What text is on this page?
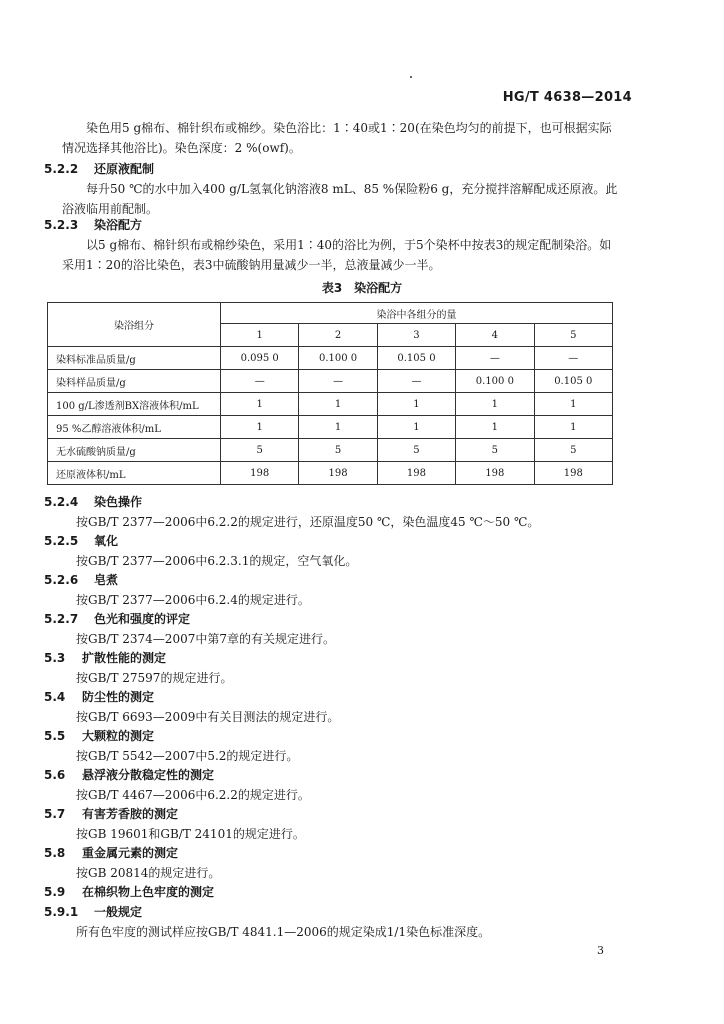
HG/T 4638—2014

染色用5 g棉布、棉针织布或棉纱。染色浴比：1∶40或1∶20(在染色均匀的前提下，也可根据实际情况选择其他浴比)。染色深度：2 %(owf)。

5.2.2 还原液配制

每升50 ℃的水中加入400 g/L氢氧化钠溶液8 mL、85 %保险粉6 g，充分搅拌溶解配成还原液。此浴液临用前配制。

5.2.3 染浴配方

以5 g棉布、棉针织布或棉纱染色，采用1∶40的浴比为例，于5个染杯中按表3的规定配制染浴。如采用1∶20的浴比染色，表3中硫酸钠用量减少一半，总液量减少一半。

表3　染浴配方
染浴组分	染浴中各组分的量				
	1	2	3	4	5
染料标准品质量/g	0.095 0	0.100 0	0.105 0	—	—
染料样品质量/g	—	—	—	0.100 0	0.105 0
100 g/L渗透剂BX溶液体积/mL	1	1	1	1	1
95 %乙醇溶液体积/mL	1	1	1	1	1
无水硫酸钠质量/g	5	5	5	5	5
还原液体积/mL	198	198	198	198	198
5.2.4 染色操作
按GB/T 2377—2006中6.2.2的规定进行，还原温度50 ℃，染色温度45 ℃～50 ℃。
5.2.5 氧化
按GB/T 2377—2006中6.2.3.1的规定，空气氧化。
5.2.6 皂煮
按GB/T 2377—2006中6.2.4的规定进行。
5.2.7 色光和强度的评定
按GB/T 2374—2007中第7章的有关规定进行。
5.3 扩散性能的测定
按GB/T 27597的规定进行。
5.4 防尘性的测定
按GB/T 6693—2009中有关目测法的规定进行。
5.5 大颗粒的测定
按GB/T 5542—2007中5.2的规定进行。
5.6 悬浮液分散稳定性的测定
按GB/T 4467—2006中6.2.2的规定进行。
5.7 有害芳香胺的测定
按GB 19601和GB/T 24101的规定进行。
5.8 重金属元素的测定
按GB 20814的规定进行。
5.9 在棉织物上色牢度的测定
5.9.1 一般规定
所有色牢度的测试样应按GB/T 4841.1—2006的规定染成1/1染色标准深度。
3
